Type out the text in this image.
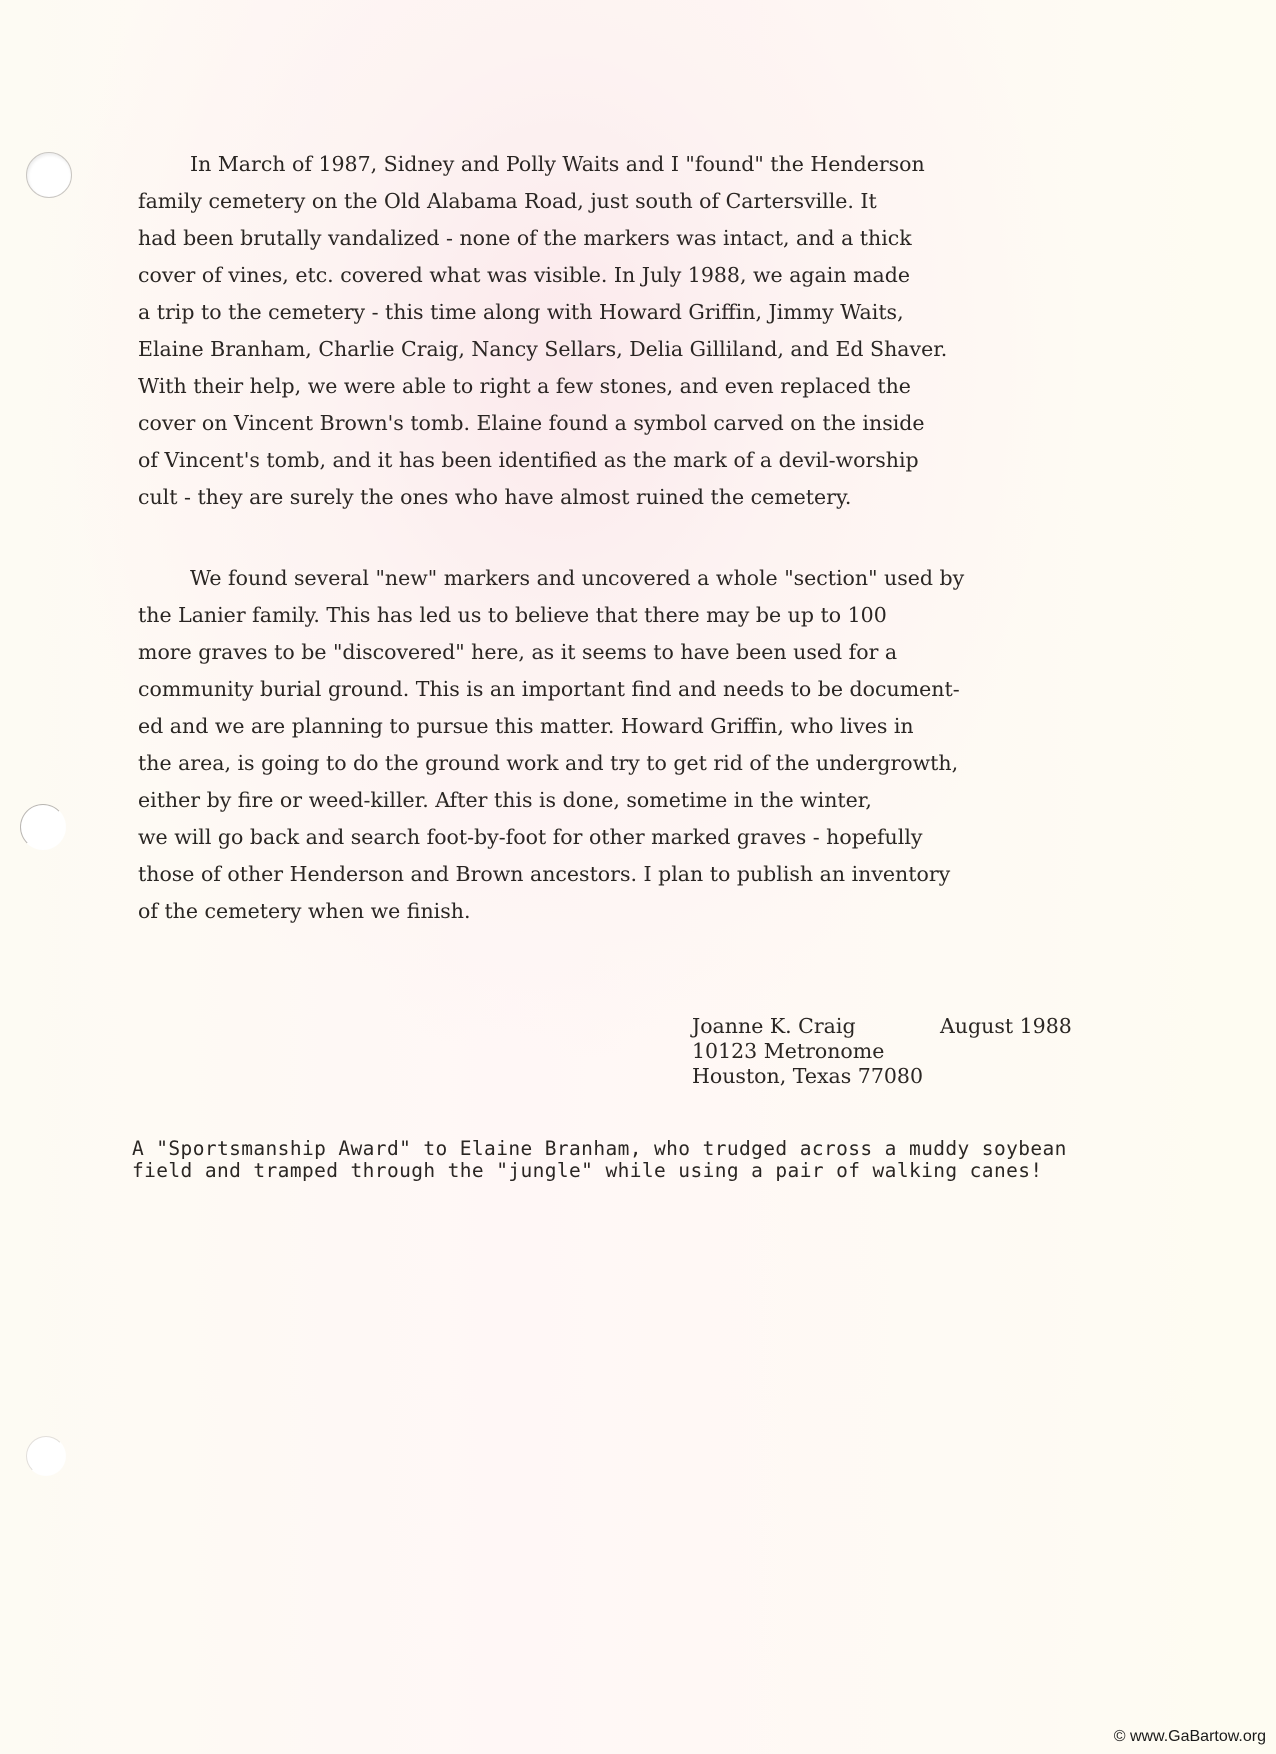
In March of 1987, Sidney and Polly Waits and I "found" the Henderson
family cemetery on the Old Alabama Road, just south of Cartersville. It
had been brutally vandalized - none of the markers was intact, and a thick
cover of vines, etc. covered what was visible. In July 1988, we again made
a trip to the cemetery - this time along with Howard Griffin, Jimmy Waits,
Elaine Branham, Charlie Craig, Nancy Sellars, Delia Gilliland, and Ed Shaver.
With their help, we were able to right a few stones, and even replaced the
cover on Vincent Brown's tomb. Elaine found a symbol carved on the inside
of Vincent's tomb, and it has been identified as the mark of a devil-worship
cult - they are surely the ones who have almost ruined the cemetery.
We found several "new" markers and uncovered a whole "section" used by
the Lanier family. This has led us to believe that there may be up to 100
more graves to be "discovered" here, as it seems to have been used for a
community burial ground. This is an important find and needs to be document-
ed and we are planning to pursue this matter. Howard Griffin, who lives in
the area, is going to do the ground work and try to get rid of the undergrowth,
either by fire or weed-killer. After this is done, sometime in the winter,
we will go back and search foot-by-foot for other marked graves - hopefully
those of other Henderson and Brown ancestors. I plan to publish an inventory
of the cemetery when we finish.
Joanne K. Craig	August 1988
10123 Metronome
Houston, Texas 77080
A "Sportsmanship Award" to Elaine Branham, who trudged across a muddy soybean
field and tramped through the "jungle" while using a pair of walking canes!
© www.GaBartow.org
